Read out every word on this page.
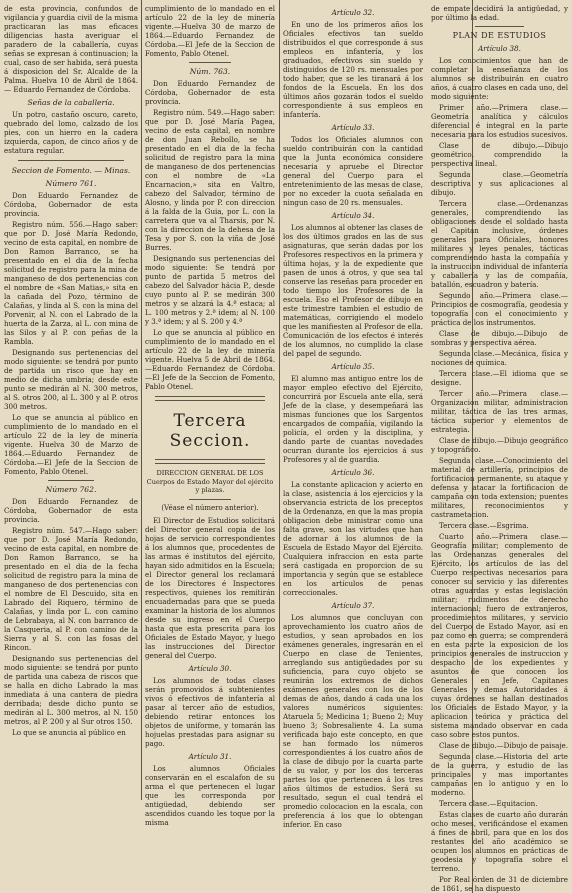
de esta provincia, confundos de vigilancia y guardia civil de la misma practicaran las mas eficaces diligencias hasta averiguar el paradero de la caballería, cuyas señas se expresan á continuacion; la cual, caso de ser habida, será puesta á disposicion del Sr. Alcalde de la Palma. Huelva 10 de Abril de 1864.— Eduardo Fernandez de Córdoba.

Señas de la caballería.

Un potro, castaño oscuro, careto, quebrado del lomo, calzado de los pies, con un hierro en la cadera izquierda, capon, de cinco años y de estatura regular.

Seccion de Fomento. — Minas.
Número 761.

Don Eduardo Fernandez de Córdoba, Gobernador de esta provincia.

Registro núm. 556.—Hago saber: que por D. José María Redondo, vecino de esta capital, en nombre de Don Ramon Barranco, se ha presentado en el dia de la fecha solicitud de registro para la mina de manganeso de dos pertenencias con el nombre de «San Matias,» sita en la cañada del Pozo, término de Calañas, y linda al S. con la mina del Porvenir, al N. con el Labrado de la huerta de la Zarza, al L. con mina de las Silos y al P. con peñas de la Rambla.

Designando sus pertenencias del modo siguiente: se tendrá por punto de partida un risco que hay en medio de dicha umbria; desde este punto se medirán al N. 300 metros, al S. otros 200, al L. 300 y al P. otros 300 metros.

Lo que se anuncia al público en cumplimiento de lo mandado en el artículo 22 de la ley de minería vigente. Huelva 30 de Marzo de 1864.—Eduardo Fernandez de Córdoba.—El Jefe de la Seccion de Fomento, Pablo Otenel.

Número 762.

Don Eduardo Fernandez de Córdoba, Gobernador de esta provincia.

Registro núm. 547.—Hago saber: que por D. José María Redondo, vecino de esta capital, en nombre de Don Ramon Barranco, se ha presentado en el dia de la fecha solicitud de registro para la mina de manganeso de dos pertenencias con el nombre de El Descuido, sita en Labrado del Riquero, término de Calañas, y linda por L. con camino de Lebrabaya, al N. con barranco de la Casqueria, al P. con camino de la Sierra y al S. con las fosas del Rincon.

Designando sus pertenencias del modo siguiente: se tendrá por punto de partida una cabeza de riscos que se halla en dicho Labrado la mas inmediata á una cantera de piedra derribada; desde dicho punto se medirán al L. 300 metros, al N. 150 metros, al P. 200 y al Sur otros 150.

Lo que se anuncia al público en

cumplimiento de lo mandado en el artículo 22 de la ley de minería vigente.—Huelva 30 de marzo de 1864.—Eduardo Fernandez de Córdoba.—El Jefe de la Seccion de Fomento, Pablo Otenel.

Núm. 763.

Don Eduardo Fernandez de Córdoba, Gobernador de esta provincia.

Registro núm. 549.—Hago saber: que por D. José María Pagea, vecino de esta capital, en nombre de don Juan Rebollo, se ha presentado en el dia de la fecha solicitud de registro para la mina de manganeso de dos pertenencias con el nombre de «La Encarnacion,» sita en Valtro, cabezo del Salvador, término de Alosno, y linda por P. con direccion á la falda de la Guia, por L. con la carretera que va al Tharsis, por N. con la direccion de la dehesa de la Tesa y por S. con la viña de José Burres.

Designando sus pertenencias del modo siguiente: Se tendrá por punto de partida 5 metros del cabezo del Salvador hácia P., desde cuyo punto al P. se medirán 300 metros y se alzará la 4.ª estaca; al L. 100 metros y 2.ª idem; al N. 100 y 3.ª idem; y al S. 200 y 4.ª

Lo que se anuncia al público en cumplimiento de lo mandado en el artículo 22 de la ley de minería vigente. Huelva 5 de Abril de 1864.—Eduardo Fernandez de Córdoba.—El Jefe de la Seccion de Fomento, Pablo Otenel.

Tercera Seccion.
DIRECCION GENERAL DE LOS Cuerpos de Estado Mayor del ejército y plazas.
(Véase el número anterior).

El Director de Estudios solicitará del Director general copia de los hojas de servicio correspondientes á los alumnos que, procedentes de las armas é institutos del ejército, hayan sido admitidos en la Escuela; el Director general los reclamará de los Directores é Inspectores respectivos, quienes los remitirán encuadernadas para que se pueda examinar la historia de los alumnos desde su ingreso en el Cuerpo hasta que esta prescrita para los Oficiales de Estado Mayor, y luego las instrucciones del Director general del Cuerpo.

Artículo 30.

Los alumnos de todas clases serán promovidos á subtenientes vivos ó efectivos de infantería al pasar al tercer año de estudios, debiendo retirar entonces los objetos de uniforme, y tomarán las hojuelas prestadas para asignar su pago.

Artículo 31.

Los alumnos Oficiales conservarán en el escalafon de su arma el que pertenecen el lugar que les corresponda por antigüedad, debiendo ser ascendidos cuando les toque por la misma

Artículo 32.

En uno de los primeros años los Oficiales efectivos tan sueldo distribuidos el que corresponde á sus empleos en infantería, y los graduados, efectivos sin sueldo y distinguidos de 120 rs. mensuales por todo haber, que se les tiranará á los fondos de la Escuela. En los dos últimos años gozarán todos el sueldo correspondiente á sus empleos en infantería.

Artículo 33.

Todos los Oficiales alumnos con sueldo contribuirán con la cantidad que la Junta económica considere necesaria y apruebe el Director general del Cuerpo para el entretenimiento de las mesas de clase, por no exceder la cuota señalada en ningun caso de 20 rs. mensuales.

Artículo 34.

Los alumnos al obtener las clases de los dos últimos grados en las de sus asignaturas, que serán dadas por los Profesores respectivos en la primera y última hojas, y la de expediente que pasen de unos á otros, y que sea tal conserve las reseñas para proceder en todo tiempo los Profesores de la escuela. Eso el Profesor de dibujo en este trimestre tambien el estudio de matemáticas, corrigiendo el modelo que les manifiesten al Profesor de ella. Comunicación de los efectos é interés de los alumnos, no cumplido la clase del papel de segundo.

Artículo 35.

El alumno mas antiguo entre los de mayor empleo efectivo del Ejército, concurrirá por Escuela ante ella, será Jefe de la clase, y desempeñará las mismas funciones que los Sargentos encargados de compañía, vigilando la policía, el orden y la disciplina, y dando parte de cuantas novedades ocurran durante los ejercicios á sus Profesores y al de guardia.

Artículo 36.

La constante aplicacion y acierto en la clase, asistencia á los ejercicios y la observancia estricta de los preceptos de la Ordenanza, en que la mas propia obligacion debe ministrar como una falta grave, son las virtudes que han de adornar á los alumnos de la Escuela de Estado Mayor del Ejército. Cualquiera infraccion en esta parte será castigada en proporcion de su importancia y según que se establece en los artículos de penas correccionales.

Artículo 37.

Los alumnos que concluyan con aprovechamiento los cuatro años de estudios, y sean aprobados en los exámenes generales, ingresarán en el Cuerpo en clase de Tenientes, arreglando sus antigüedades por su suficiencia, para cuyo objeto se reunirán los extremos de dichos exámenes generales con los de los demas de años, dando á cada una los valores numéricos siguientes: Ataruela 5; Medicina 1; Bueno 2; Muy bueno 3; Sobresaliente 4. La suma verificada bajo este concepto, en que se han formado los números correspondientes á los cuatro años de la clase de dibujo por la cuarta parte de su valor, y por los dos terceras partes los que pertenecen á los tres años últimos de estudios. Será su resultado, segun el cual tendrá el promedio colocacion en la escala, con preferencia á los que lo obtengan inferior. En caso

de empate decidirá la antigüedad, y por último la edad.

PLAN DE ESTUDIOS
Artículo 38.

Los conocimientos que han de completar la enseñanza de los alumnos se distribuirán en cuatro años, á cuatro clases en cada uno, del modo siguiente:

Primer año.—Primera clase.—Geometría analítica y cálculos diferencial é integral en la parte necesaria para los estudios sucesivos.

Clase de dibujo.—Dibujo geométrico, comprendido la perspectiva lineal.

Segunda clase.—Geometría descriptiva y sus aplicaciones al dibujo.

Tercera clase.—Ordenanzas generales, comprendiendo las obligaciones desde el soldado hasta el Capitan inclusive, órdenes generales para Oficiales, honores militares y leyes penales, tácticas comprendiendo hasta la compañía y la instruccion individual de infantería y caballería y las de compañía, batallón, escuadron y batería.

Segundo año.—Primera clase.—Principios de cosmografía, geodesia y topografía con el conocimiento y práctica de los instrumentos.

Clase de dibujo.—Dibujo de sombras y perspectiva aérea.

Segunda clase.—Mecánica, física y nociones de química.

Tercera clase.—El idioma que se designe.

Tercer año.—Primera clase.—Organizacion militar, administracion militar, táctica de las tres armas, táctica superior y elementos de estrategia.

Clase de dibujo.—Dibujo geográfico y topográfico.

Segunda clase.—Conocimiento del material de artillería, principios de fortificacion permanente, su ataque y defensa y atacar la fortificacion de campaña con toda extension; puentes militares, reconocimientos y castrametacion.

Tercera clase.—Esgrima.

Cuarto año.—Primera clase.—Geografía militar; complemento de las Ordenanzas generales del Ejército, los artículos de las del Cuerpo respectivas necesarios para conocer su servicio y las diferentes otras aguardas y estas legislación militar; rudimentos de derecho internacional; fuero de extranjeros, procedimientos militares, y servicio del Cuerpo de Estado Mayor, así en paz como en guerra; se comprenderá en esta parte la exposicion de los principios generales de instruccion y despacho de los expedientes y asuntos de que conocen los Generales en Jefe, Capitanes Generales y demas Autoridades á cuyas órdenes se hallan destinados los Oficiales de Estado Mayor, y la aplicacion teórica y práctica del sistema mandado observar en cada caso sobre estos puntos.

Clase de dibujo.—Dibujo de paisaje.

Segunda clase.—Historia del arte de la guerra, y estudio de las principales y mas importantes campañas en lo antiguo y en lo moderno.

Tercera clase.—Equitacion.

Estas clases de cuarto año durarán ocho meses, verificándose el examen á fines de abril, para que en los dos restantes del año académico se ocupen los alumnos en prácticas de geodesia y topografía sobre el terreno.

Por Real órden de 31 de diciembre de 1861, se ha dispuesto
